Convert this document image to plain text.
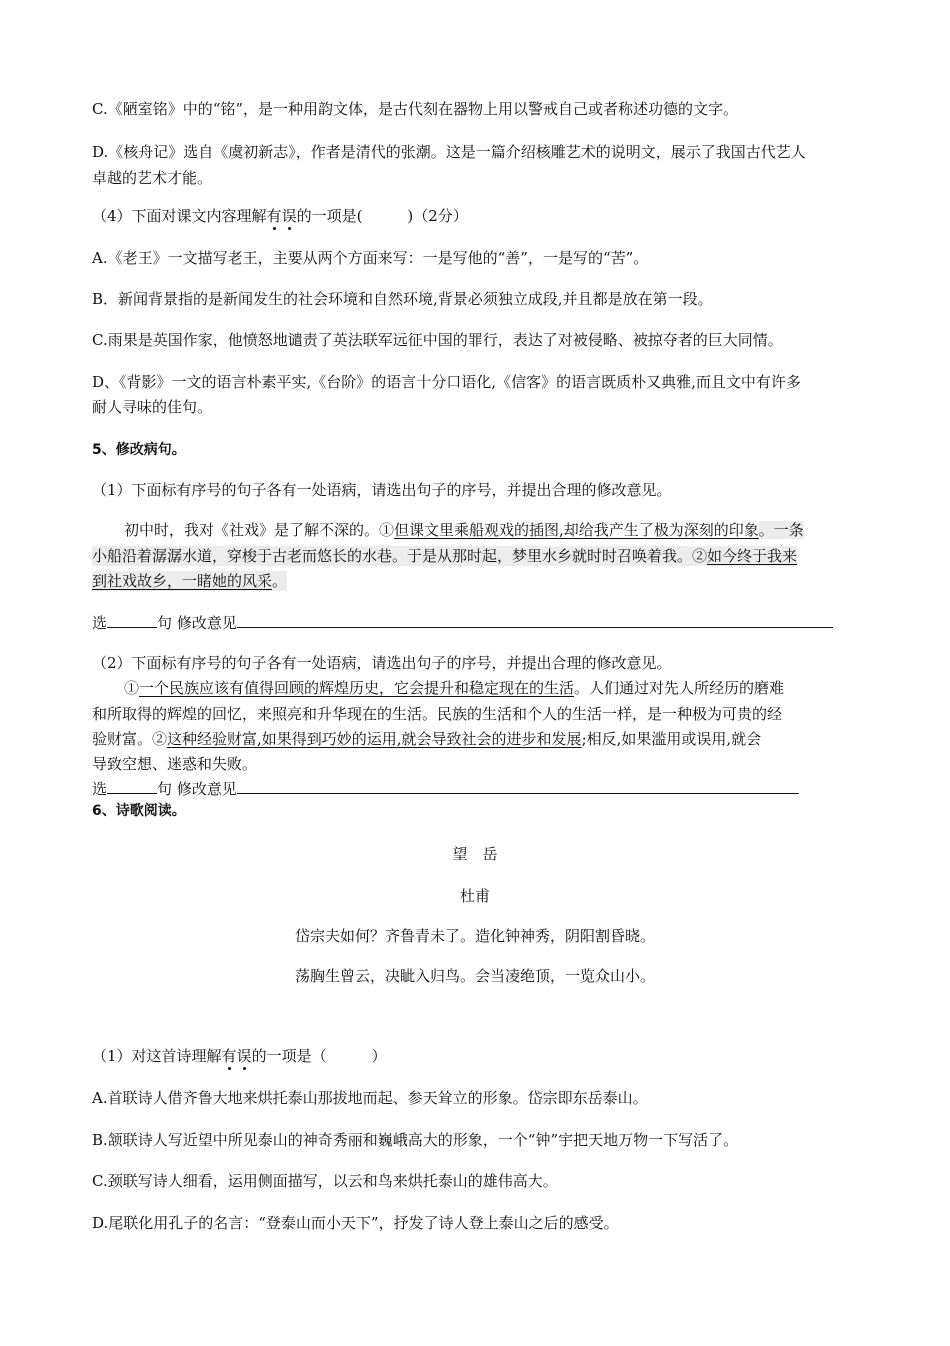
C.《陋室铭》中的“铭”，是一种用韵文体，是古代刻在器物上用以警戒自己或者称述功德的文字。
D.《核舟记》选自《虞初新志》，作者是清代的张潮。这是一篇介绍核雕艺术的说明文，展示了我国古代艺人
卓越的艺术才能。
（4）下面对课文内容理解有误的一项是(　　　)（2分）
A.《老王》一文描写老王，主要从两个方面来写：一是写他的“善”，一是写的“苦”。
B．新闻背景指的是新闻发生的社会环境和自然环境,背景必须独立成段,并且都是放在第一段。
C.雨果是英国作家，他愤怒地谴责了英法联军远征中国的罪行，表达了对被侵略、被掠夺者的巨大同情。
D、《背影》一文的语言朴素平实,《台阶》的语言十分口语化,《信客》的语言既质朴又典雅,而且文中有许多
耐人寻味的佳句。
5、修改病句。
（1）下面标有序号的句子各有一处语病，请选出句子的序号，并提出合理的修改意见。
初中时，我对《社戏》是了解不深的。①但课文里乘船观戏的插图,却给我产生了极为深刻的印象。一条
小船沿着潺潺水道，穿梭于古老而悠长的水巷。于是从那时起，梦里水乡就时时召唤着我。②如今终于我来
到社戏故乡，一睹她的风采。
选	句 修改意见
（2）下面标有序号的句子各有一处语病，请选出句子的序号，并提出合理的修改意见。
①一个民族应该有值得回顾的辉煌历史，它会提升和稳定现在的生活。人们通过对先人所经历的磨难
和所取得的辉煌的回忆，来照亮和升华现在的生活。民族的生活和个人的生活一样，是一种极为可贵的经
验财富。②这种经验财富,如果得到巧妙的运用,就会导致社会的进步和发展;相反,如果滥用或误用,就会
导致空想、迷惑和失败。
选	句 修改意见
6、诗歌阅读。
望　岳
杜甫
岱宗夫如何？齐鲁青未了。造化钟神秀，阴阳割昏晓。
荡胸生曾云，决眦入归鸟。会当凌绝顶，一览众山小。
（1）对这首诗理解有误的一项是（　　　）
A.首联诗人借齐鲁大地来烘托泰山那拔地而起、参天耸立的形象。岱宗即东岳泰山。
B.颔联诗人写近望中所见泰山的神奇秀丽和巍峨高大的形象，一个“钟”宇把天地万物一下写活了。
C.颈联写诗人细看，运用侧面描写，以云和鸟来烘托泰山的雄伟高大。
D.尾联化用孔子的名言：“登泰山而小天下”，抒发了诗人登上泰山之后的感受。
